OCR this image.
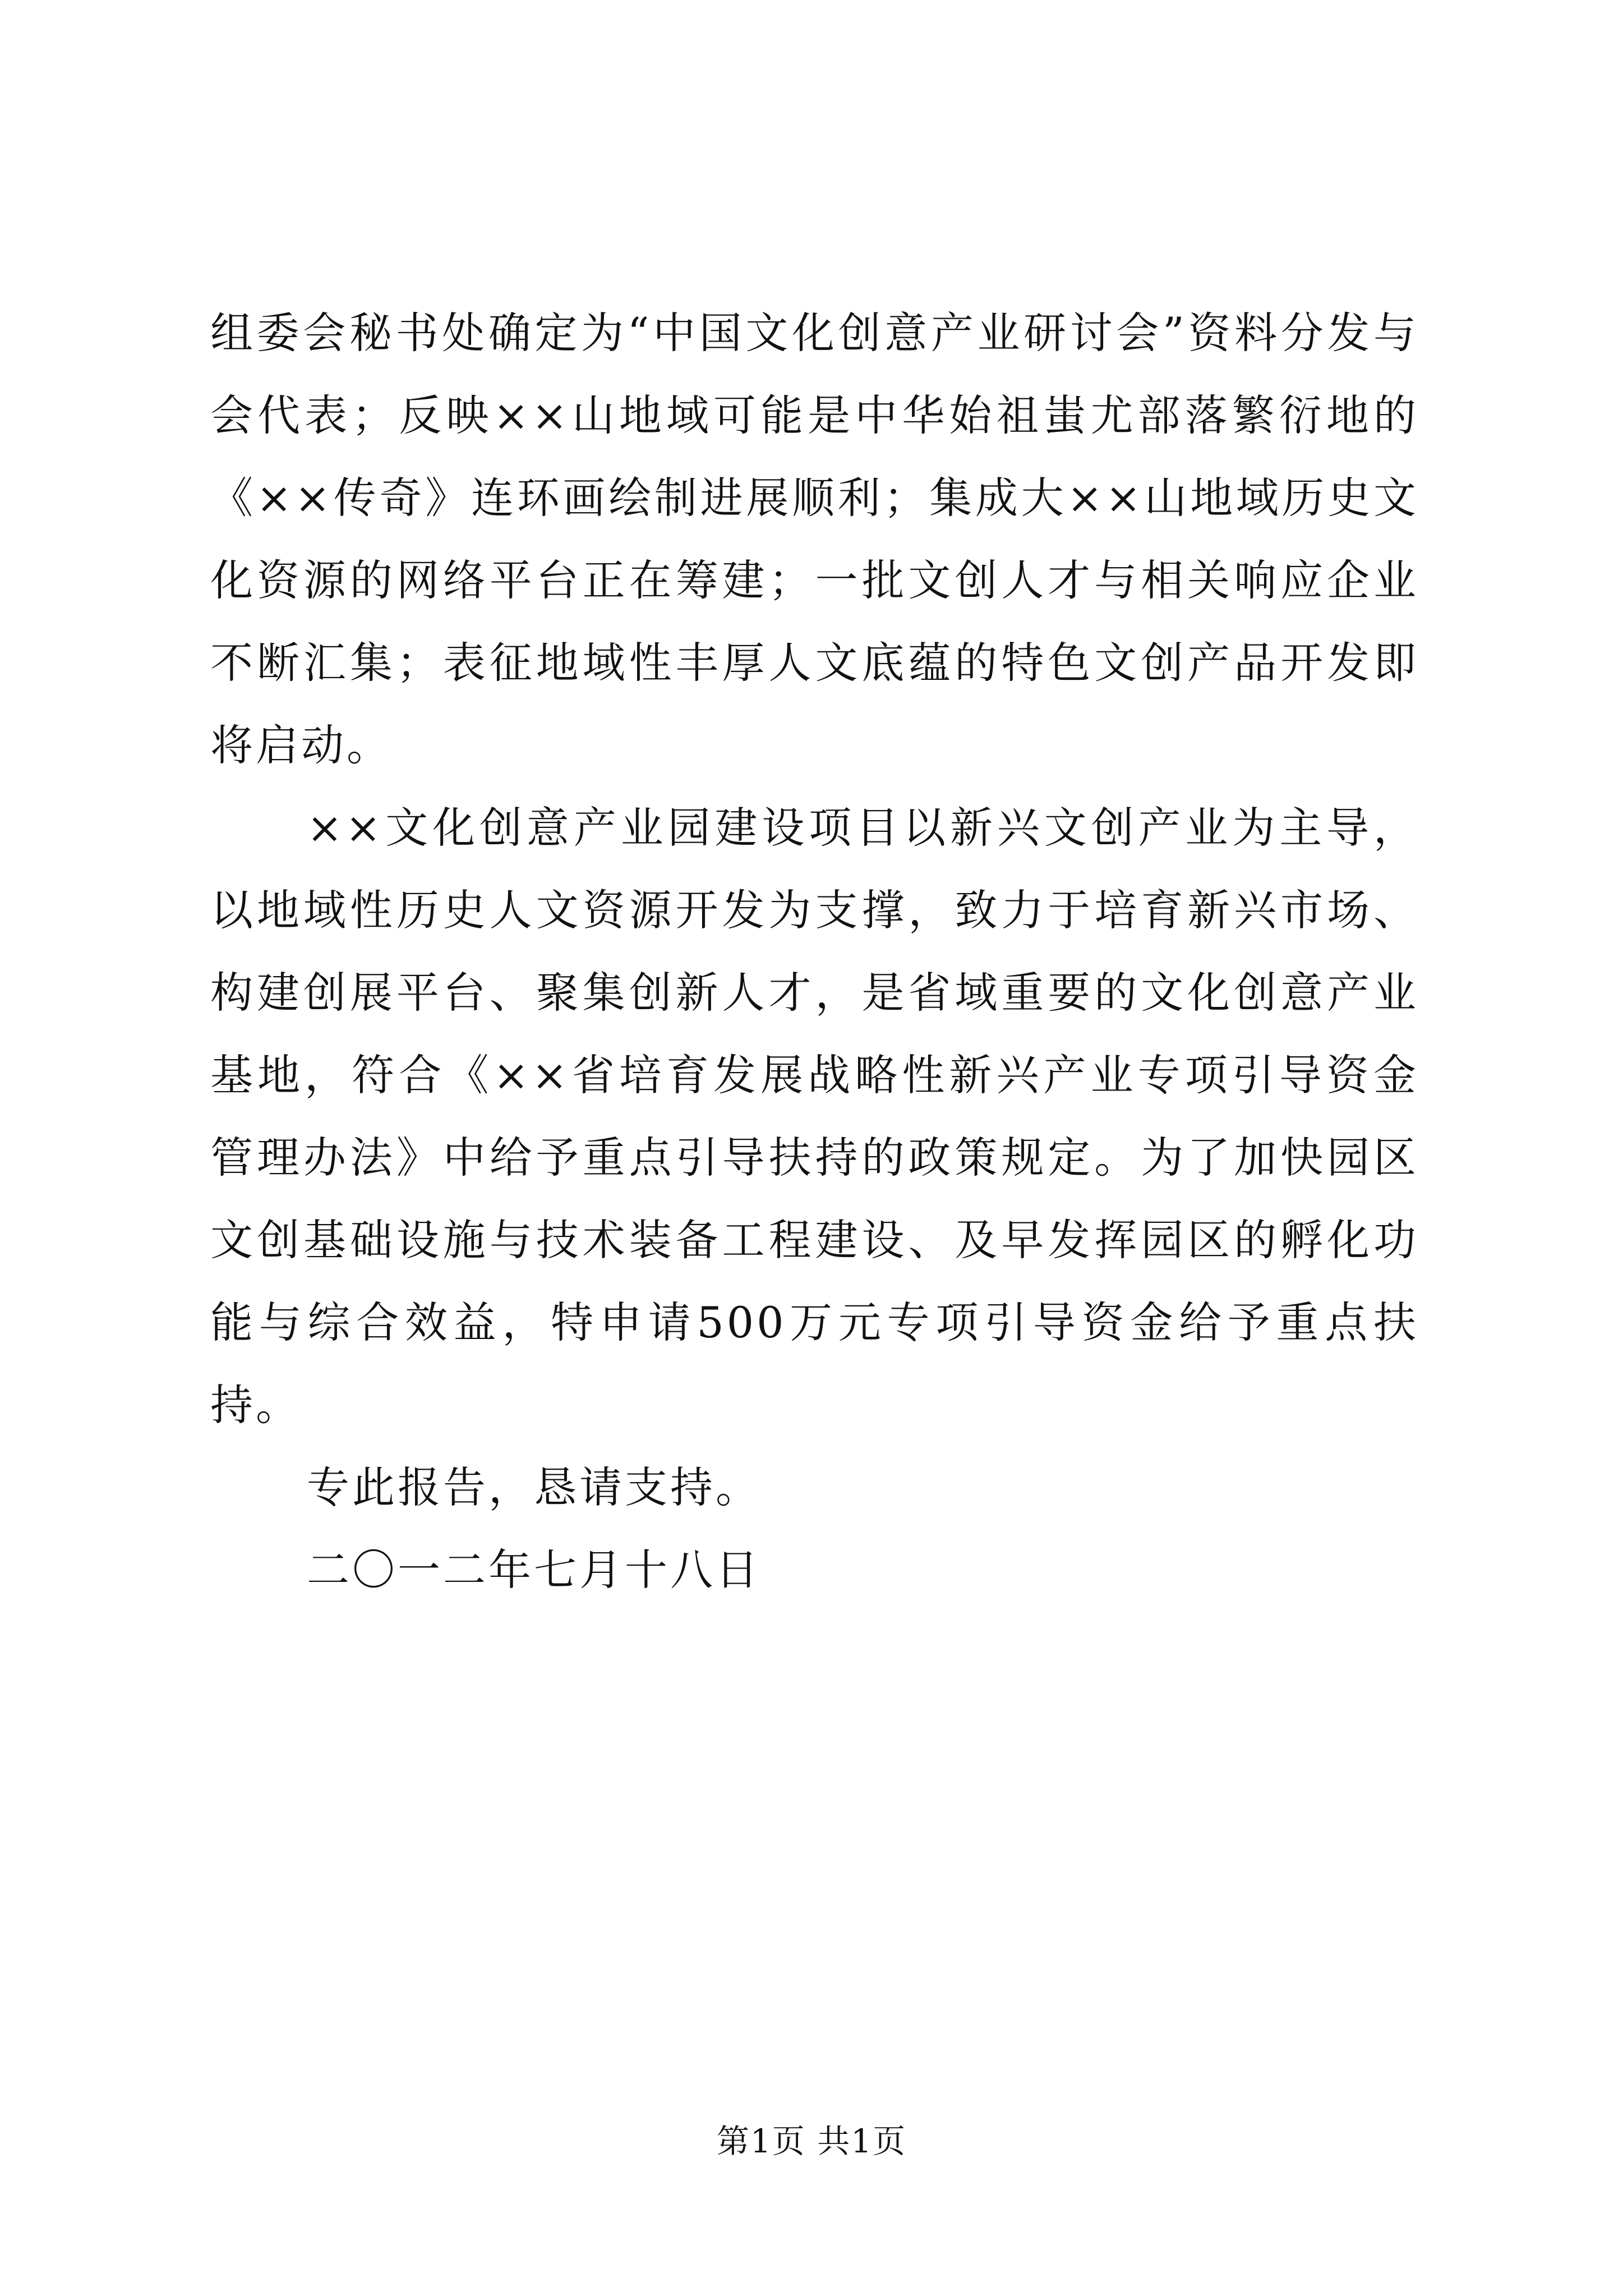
组委会秘书处确定为“中国文化创意产业研讨会”资料分发与会代表；反映××山地域可能是中华始祖蚩尤部落繁衍地的《××传奇》连环画绘制进展顺利；集成大××山地域历史文化资源的网络平台正在筹建；一批文创人才与相关响应企业不断汇集；表征地域性丰厚人文底蕴的特色文创产品开发即将启动。

××文化创意产业园建设项目以新兴文创产业为主导，以地域性历史人文资源开发为支撑，致力于培育新兴市场、构建创展平台、聚集创新人才，是省域重要的文化创意产业基地，符合《××省培育发展战略性新兴产业专项引导资金管理办法》中给予重点引导扶持的政策规定。为了加快园区文创基础设施与技术装备工程建设、及早发挥园区的孵化功能与综合效益，特申请500万元专项引导资金给予重点扶持。

专此报告，恳请支持。

二〇一二年七月十八日

第1页 共1页
